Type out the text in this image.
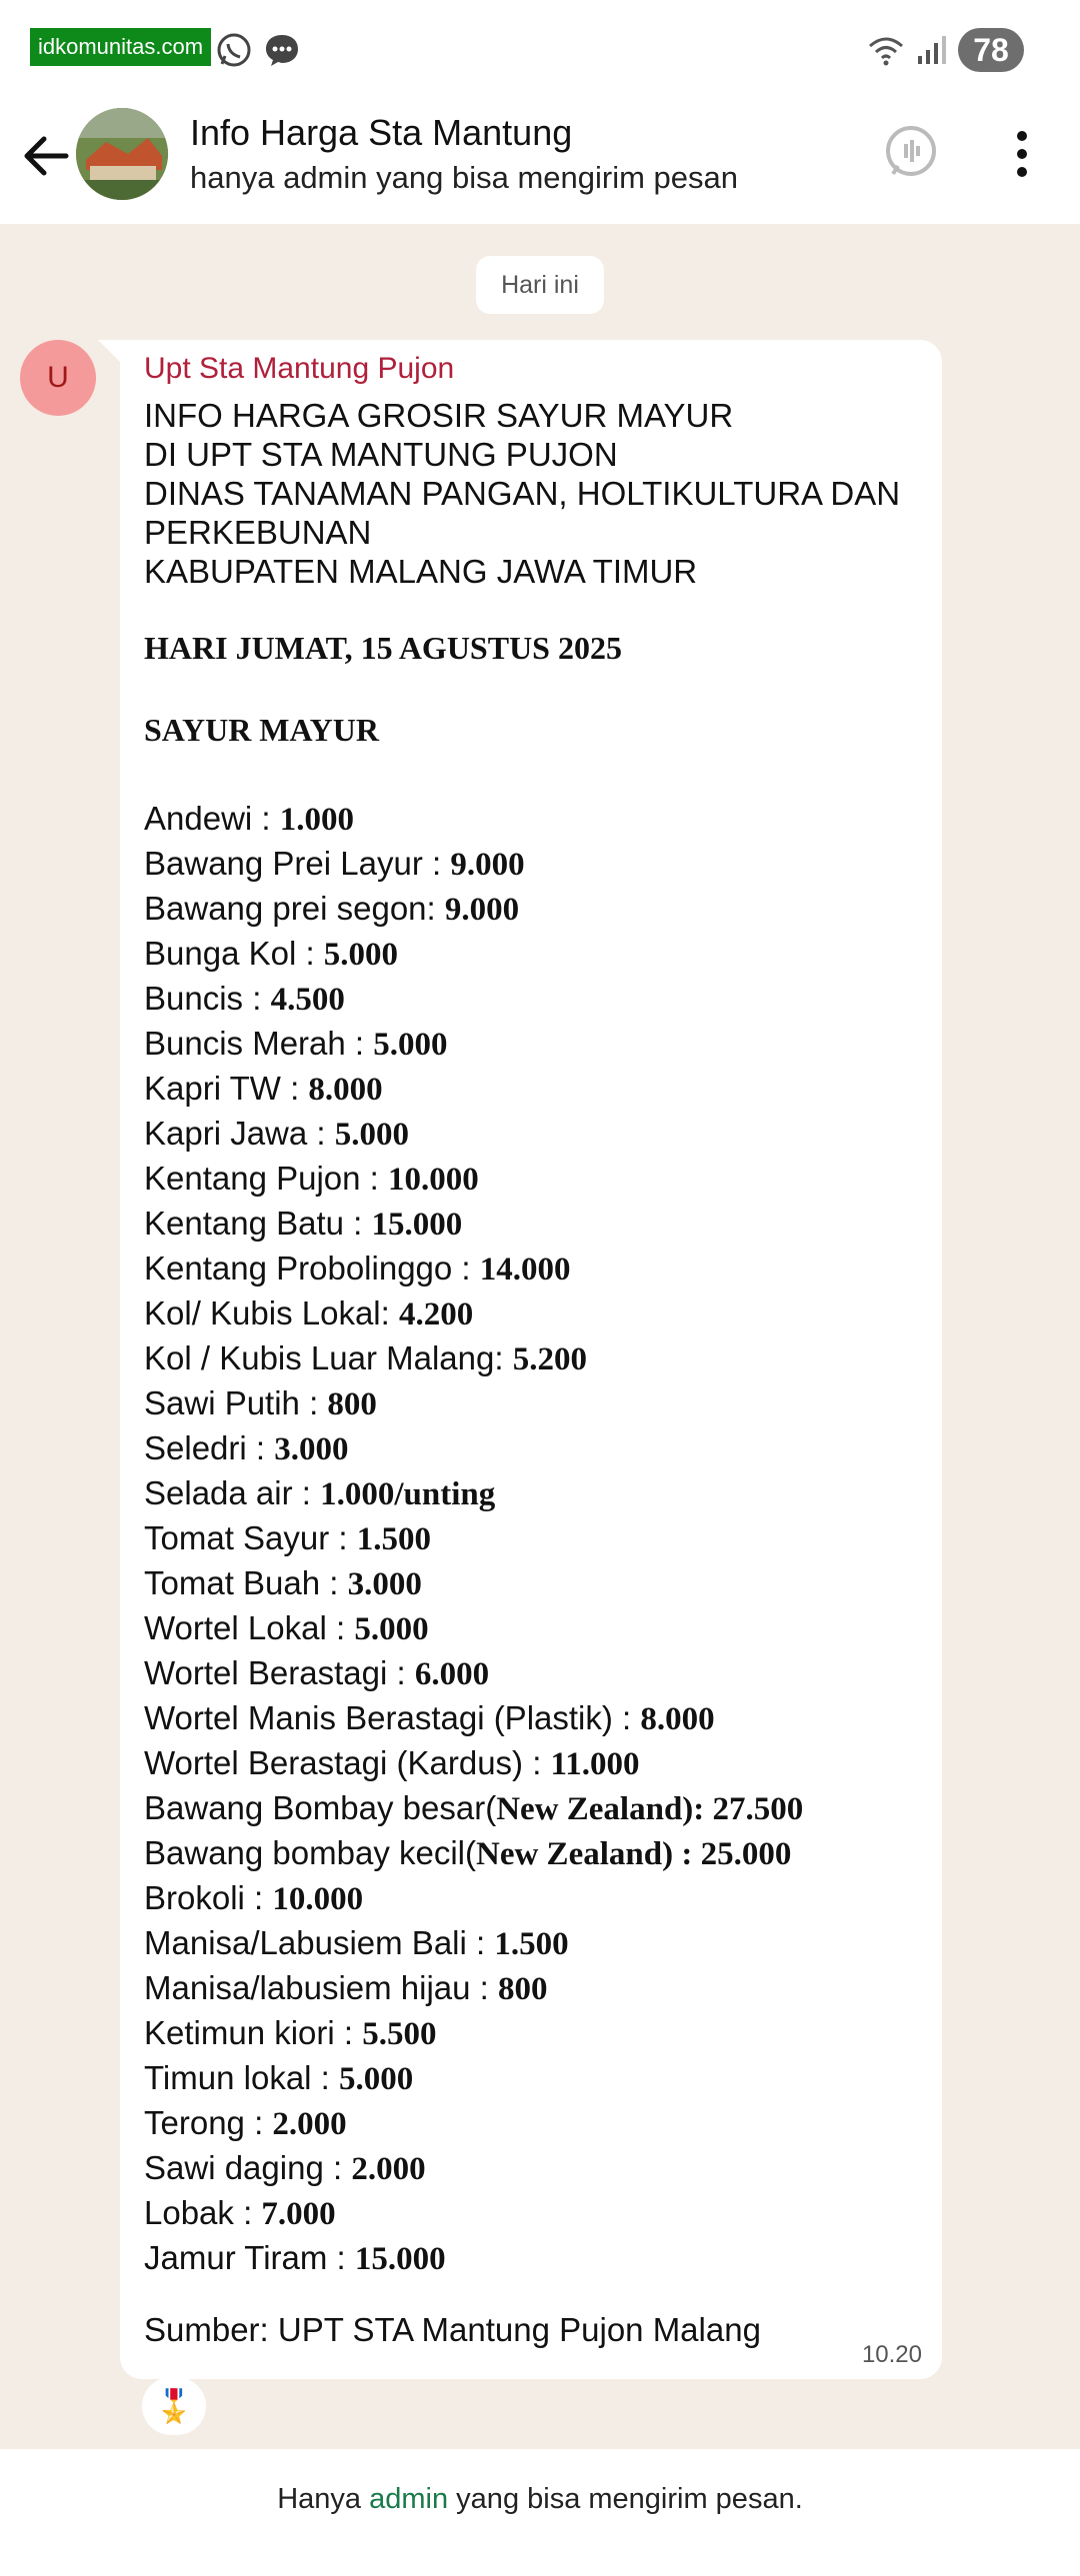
idkomunitas.com	78
Info Harga Sta Mantung
hanya admin yang bisa mengirim pesan
Hari ini
U	Upt Sta Mantung Pujon
INFO HARGA GROSIR SAYUR MAYUR
DI UPT STA MANTUNG PUJON
DINAS TANAMAN PANGAN, HOLTIKULTURA DAN
PERKEBUNAN
KABUPATEN MALANG JAWA TIMUR
HARI JUMAT, 15 AGUSTUS 2025
SAYUR MAYUR
Andewi : 1.000
Bawang Prei Layur : 9.000
Bawang prei segon: 9.000
Bunga Kol : 5.000
Buncis : 4.500
Buncis Merah : 5.000
Kapri TW : 8.000
Kapri Jawa : 5.000
Kentang Pujon : 10.000
Kentang Batu : 15.000
Kentang Probolinggo : 14.000
Kol/ Kubis Lokal: 4.200
Kol / Kubis Luar Malang: 5.200
Sawi Putih : 800
Seledri : 3.000
Selada air : 1.000/unting
Tomat Sayur : 1.500
Tomat Buah : 3.000
Wortel Lokal : 5.000
Wortel Berastagi : 6.000
Wortel Manis Berastagi (Plastik) : 8.000
Wortel Berastagi (Kardus) : 11.000
Bawang Bombay besar(New Zealand): 27.500
Bawang bombay kecil(New Zealand) : 25.000
Brokoli : 10.000
Manisa/Labusiem Bali : 1.500
Manisa/labusiem hijau : 800
Ketimun kiori : 5.500
Timun lokal : 5.000
Terong : 2.000
Sawi daging : 2.000
Lobak : 7.000
Jamur Tiram : 15.000
Sumber: UPT STA Mantung Pujon Malang
10.20
🎖️
Hanya admin yang bisa mengirim pesan.
